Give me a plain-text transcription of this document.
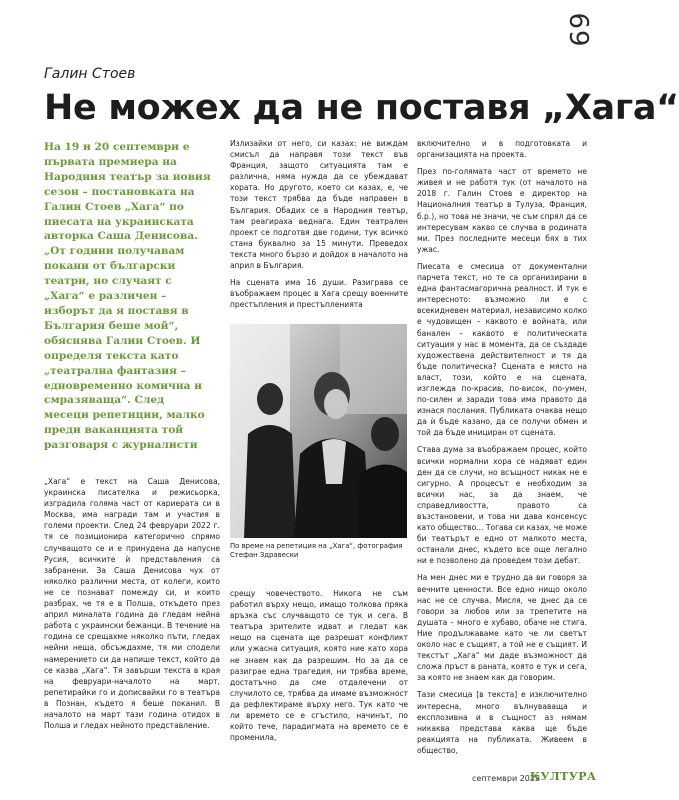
69
Галин Стоев
Не можех да не поставя „Хага“

На 19 и 20 септември е първата премиера на Народния театър за новия сезон – постановката на Галин Стоев „Хага“ по пиесата на украинската авторка Саша Денисова. „От години получавам покани от български театри, но случаят с „Хага“ е различен – изборът да я поставя в България беше мой“, обяснява Галин Стоев. И определя текста като „театрална фантазия – едновременно комична и смразяваща“. След месеци репетиции, малко преди ваканцията той разговаря с журналисти

„Хага“ е текст на Саша Денисова, украинска писателка и режисьорка, изградила голяма част от кариерата си в Москва, има награди там и участия в големи проекти. След 24 февруари 2022 г. тя се позиционира категорично спрямо случващото се и е принудена да напусне Русия, всичките ѝ представления са забранени. За Саша Денисова чух от няколко различни места, от колеги, които не се познават помежду си, и които разбрах, че тя е в Полша, откъдето през април миналата година да гледам нейна работа с украински бежанци. В течение на година се срещахме няколко пъти, гледах нейни неща, обсъждахме, тя ми сподели намерението си да напише текст, който да се казва „Хага“. Тя завърши текста в края на февруари-началото на март, репетирайки го и дописвайки го в театъра в Познан, където я беше поканил. В началото на март тази година отидох в Полша и гледах нейното представление.

Излизайки от него, си казах: не виждам смисъл да направя този текст във Франция, защото ситуацията там е различна, няма нужда да се убеждават хората. Но другото, което си казах, е, че този текст трябва да бъде направен в България. Обадих се в Народния театър, там реагираха веднага. Един театрален проект се подготвя две години, тук всичко стана буквално за 15 минути. Преведох текста много бързо и дойдох в началото на април в България.

На сцената има 16 души. Разиграва се въображаем процес в Хага срещу военните престъпления и престъпленията

По време на репетиция на „Хага“, фотография Стефан Здравески

срещу човечеството. Никога не съм работил върху нещо, имащо толкова пряка връзка със случващото се тук и сега. В театъра зрителите идват и гледат как нещо на сцената ще разрешат конфликт или ужасна ситуация, която ние като хора не знаем как да разрешим. Но за да се разиграе една трагедия, ни трябва време, достатъчно да сме отдалечени от случилото се, трябва да имаме възможност да рефлектираме върху него. Тук като че ли времето се е сгъстило, начинът, по който тече, парадигмата на времето се е променила,

включително и в подготовката и организацията на проекта.

През по-голямата част от времето не живея и не работя тук (от началото на 2018 г. Галин Стоев е директор на Националния театър в Тулуза, Франция, б.р.), но това не значи, че съм спрял да се интересувам какво се случва в родината ми. През последните месеци бях в тих ужас.

Пиесата е смесица от документални парчета текст, но те са организирани в една фантасмагорична реалност. И тук е интересното: възможно ли е с всекидневен материал, независимо колко е чудовищен – каквото е войната, или банален – каквото е политическата ситуация у нас в момента, да се създаде художествена действителност и тя да бъде политическа? Сцената е място на власт, този, който е на сцената, изглежда по-красив, по-висок, по-умен, по-силен и заради това има правото да изнася послания. Публиката очаква нещо да ѝ бъде казано, да се получи обмен и той да бъде инициран от сцената.

Става дума за въображаем процес, който всички нормални хора се надяват един ден да се случи, но всъщност никак не е сигурно. А процесът е необходим за всички нас, за да знаем, че справедливостта, правото са възстановени, и това ни дава консенсус като общество... Тогава си казах, че може би театърът е едно от малкото места, останали днес, където все още легално ни е позволено да проведем този дебат.

На мен днес ми е трудно да ви говоря за вечните ценности. Все едно нищо около нас не се случва. Мисля, че днес да се говори за любов или за трепетите на душата – много е хубаво, обаче не стига. Ние продължаваме като че ли светът около нас е същият, а той не е същият. И текстът „Хага“ ми даде възможност да сложа пръст в раната, която е тук и сега, за която не знаем как да говорим.

Тази смесица [в текста] е изключително интересна, много вълнуваваща и експлозивна и в същност аз нямам никаква представа каква ще бъде реакцията на публиката. Живеем в общество,

септември 2023
КУЛТУРА
